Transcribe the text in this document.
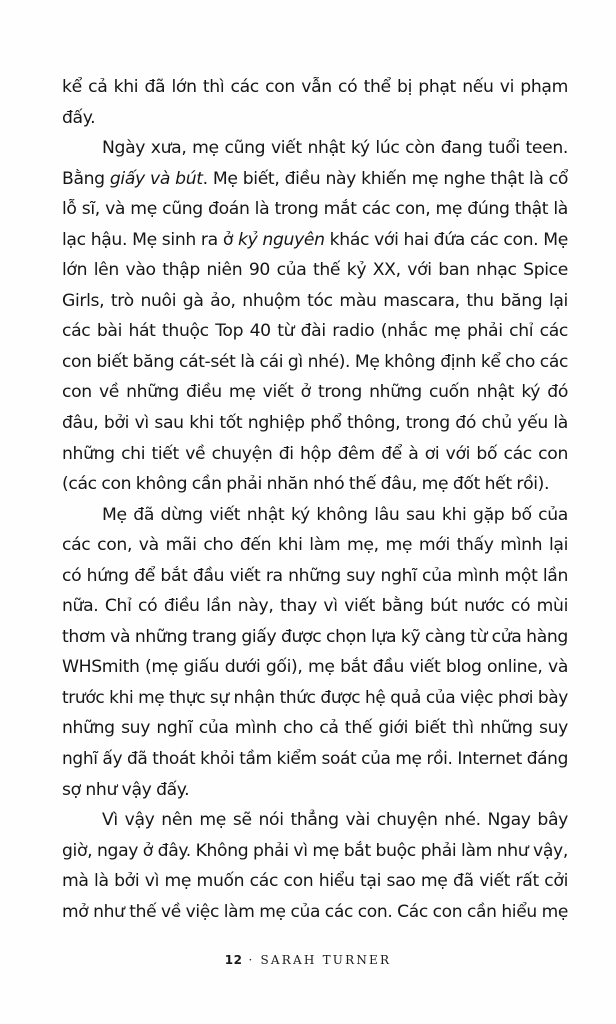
kể cả khi đã lớn thì các con vẫn có thể bị phạt nếu vi phạm
đấy.
Ngày xưa, mẹ cũng viết nhật ký lúc còn đang tuổi teen.
Bằng giấy và bút. Mẹ biết, điều này khiến mẹ nghe thật là cổ
lỗ sĩ, và mẹ cũng đoán là trong mắt các con, mẹ đúng thật là
lạc hậu. Mẹ sinh ra ở kỷ nguyên khác với hai đứa các con. Mẹ
lớn lên vào thập niên 90 của thế kỷ XX, với ban nhạc Spice
Girls, trò nuôi gà ảo, nhuộm tóc màu mascara, thu băng lại
các bài hát thuộc Top 40 từ đài radio (nhắc mẹ phải chỉ các
con biết băng cát-sét là cái gì nhé). Mẹ không định kể cho các
con về những điều mẹ viết ở trong những cuốn nhật ký đó
đâu, bởi vì sau khi tốt nghiệp phổ thông, trong đó chủ yếu là
những chi tiết về chuyện đi hộp đêm để à ơi với bố các con
(các con không cần phải nhăn nhó thế đâu, mẹ đốt hết rồi).
Mẹ đã dừng viết nhật ký không lâu sau khi gặp bố của
các con, và mãi cho đến khi làm mẹ, mẹ mới thấy mình lại
có hứng để bắt đầu viết ra những suy nghĩ của mình một lần
nữa. Chỉ có điều lần này, thay vì viết bằng bút nước có mùi
thơm và những trang giấy được chọn lựa kỹ càng từ cửa hàng
WHSmith (mẹ giấu dưới gối), mẹ bắt đầu viết blog online, và
trước khi mẹ thực sự nhận thức được hệ quả của việc phơi bày
những suy nghĩ của mình cho cả thế giới biết thì những suy
nghĩ ấy đã thoát khỏi tầm kiểm soát của mẹ rồi. Internet đáng
sợ như vậy đấy.
Vì vậy nên mẹ sẽ nói thẳng vài chuyện nhé. Ngay bây
giờ, ngay ở đây. Không phải vì mẹ bắt buộc phải làm như vậy,
mà là bởi vì mẹ muốn các con hiểu tại sao mẹ đã viết rất cởi
mở như thế về việc làm mẹ của các con. Các con cần hiểu mẹ
12 · SARAH TURNER
